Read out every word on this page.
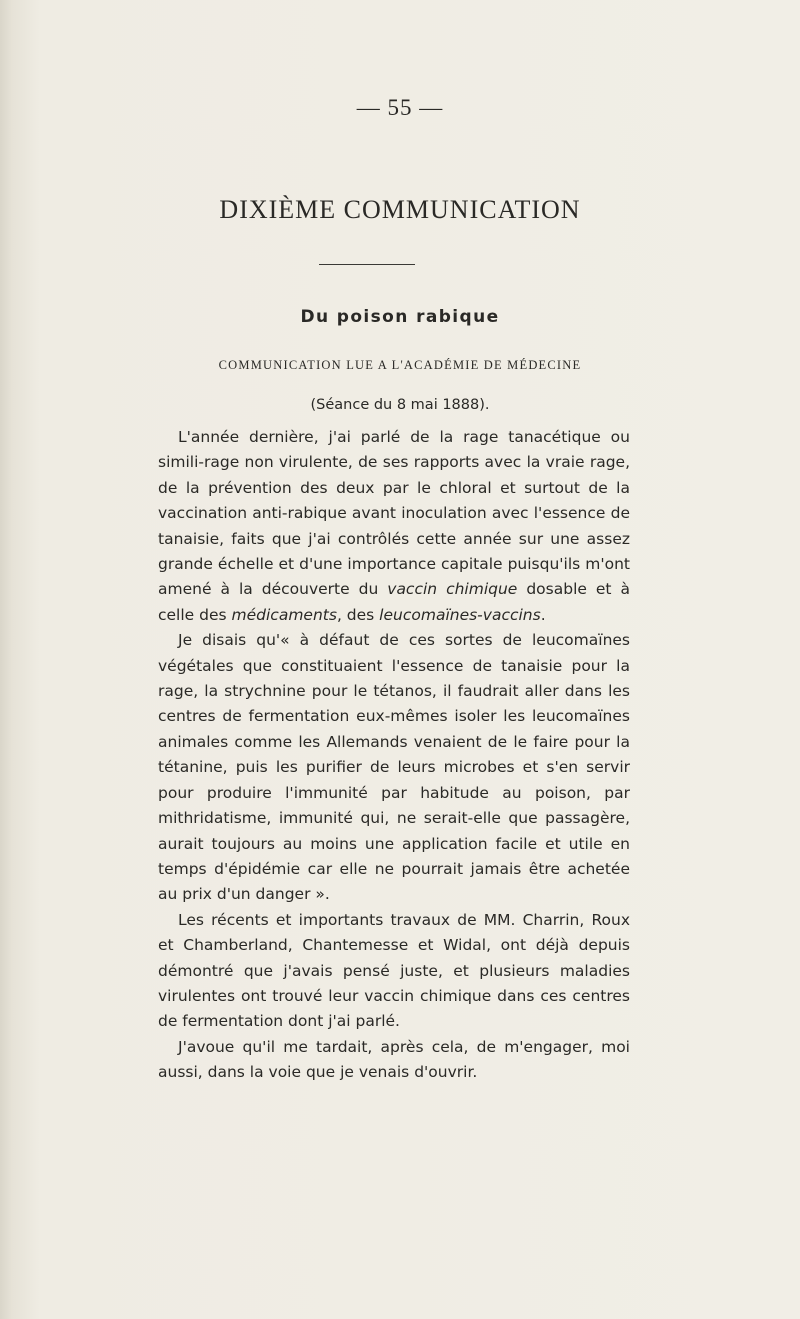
— 55 —
DIXIÈME COMMUNICATION
Du poison rabique
COMMUNICATION LUE A L'ACADÉMIE DE MÉDECINE
(Séance du 8 mai 1888).

L'année dernière, j'ai parlé de la rage tanacétique ou simili-rage non virulente, de ses rapports avec la vraie rage, de la prévention des deux par le chloral et surtout de la vaccination anti-rabique avant inoculation avec l'essence de tanaisie, faits que j'ai contrôlés cette année sur une assez grande échelle et d'une importance capitale puisqu'ils m'ont amené à la découverte du vaccin chimique dosable et à celle des médicaments, des leucomaïnes-vaccins.

Je disais qu'« à défaut de ces sortes de leucomaïnes végétales que constituaient l'essence de tanaisie pour la rage, la strychnine pour le tétanos, il faudrait aller dans les centres de fermentation eux-mêmes isoler les leucomaïnes animales comme les Allemands venaient de le faire pour la tétanine, puis les purifier de leurs microbes et s'en servir pour produire l'immunité par habitude au poison, par mithridatisme, immunité qui, ne serait-elle que passagère, aurait toujours au moins une application facile et utile en temps d'épidémie car elle ne pourrait jamais être achetée au prix d'un danger ».

Les récents et importants travaux de MM. Charrin, Roux et Chamberland, Chantemesse et Widal, ont déjà depuis démontré que j'avais pensé juste, et plusieurs maladies virulentes ont trouvé leur vaccin chimique dans ces centres de fermentation dont j'ai parlé.

J'avoue qu'il me tardait, après cela, de m'engager, moi aussi, dans la voie que je venais d'ouvrir.
